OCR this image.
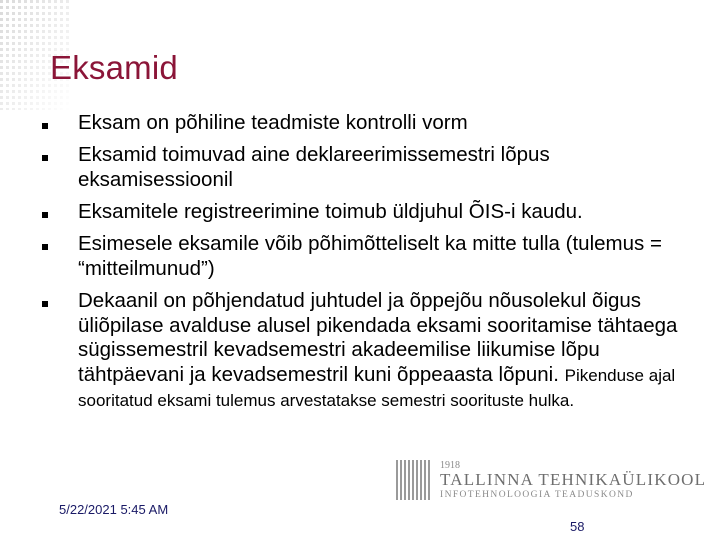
Eksamid
Eksam on põhiline teadmiste kontrolli vorm
Eksamid toimuvad aine deklareerimissemestri lõpus eksamisessioonil
Eksamitele registreerimine toimub üldjuhul ÕIS-i kaudu.
Esimesele eksamile võib põhimõtteliselt ka mitte tulla (tulemus = “mitteilmunud”)
Dekaanil on põhjendatud juhtudel ja õppejõu nõusolekul õigus üliõpilase avalduse alusel pikendada eksami sooritamise tähtaega sügissemestril kevadsemestri akadeemilise liikumise lõpu tähtpäevani ja kevadsemestril kuni õppeaasta lõpuni. Pikenduse ajal sooritatud eksami tulemus arvestatakse semestri soorituste hulka.
1918
TALLINNA TEHNIKAÜLIKOOL
INFOTEHNOLOOGIA TEADUSKOND
5/22/2021 5:45 AM
58
